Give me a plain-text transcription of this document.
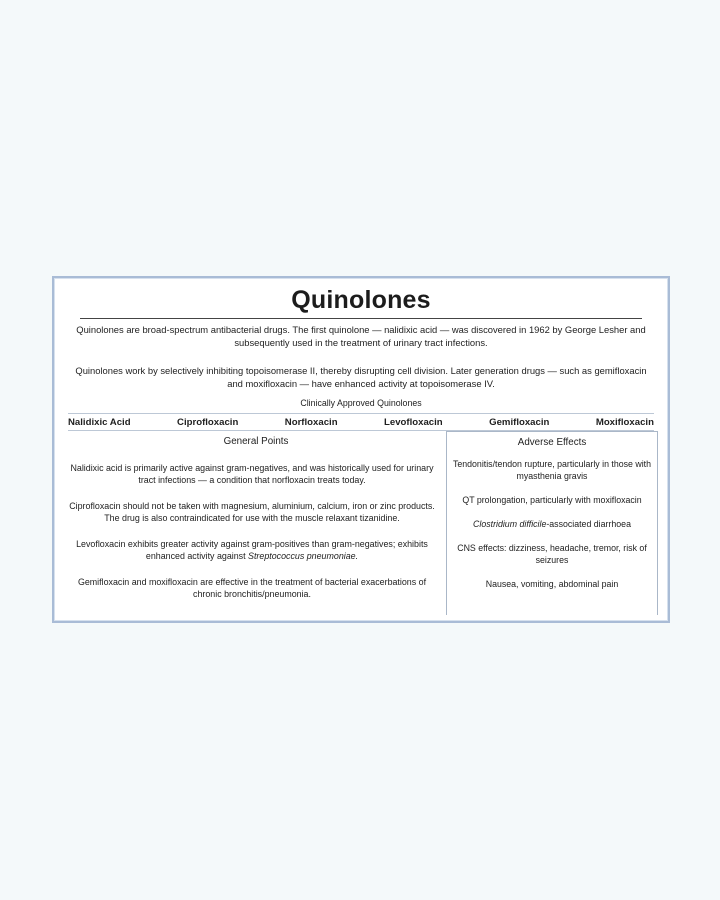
Quinolones
Quinolones are broad-spectrum antibacterial drugs. The first quinolone — nalidixic acid — was discovered in 1962 by George Lesher and subsequently used in the treatment of urinary tract infections.
Quinolones work by selectively inhibiting topoisomerase II, thereby disrupting cell division. Later generation drugs — such as gemifloxacin and moxifloxacin — have enhanced activity at topoisomerase IV.
Clinically Approved Quinolones
Nalidixic Acid	Ciprofloxacin	Norfloxacin	Levofloxacin	Gemifloxacin	Moxifloxacin
General Points
Nalidixic acid is primarily active against gram-negatives, and was historically used for urinary tract infections — a condition that norfloxacin treats today.
Ciprofloxacin should not be taken with magnesium, aluminium, calcium, iron or zinc products. The drug is also contraindicated for use with the muscle relaxant tizanidine.
Levofloxacin exhibits greater activity against gram-positives than gram-negatives; exhibits enhanced activity against Streptococcus pneumoniae.
Gemifloxacin and moxifloxacin are effective in the treatment of bacterial exacerbations of chronic bronchitis/pneumonia.
Adverse Effects
Tendonitis/tendon rupture, particularly in those with myasthenia gravis
QT prolongation, particularly with moxifloxacin
Clostridium difficile-associated diarrhoea
CNS effects: dizziness, headache, tremor, risk of seizures
Nausea, vomiting, abdominal pain
